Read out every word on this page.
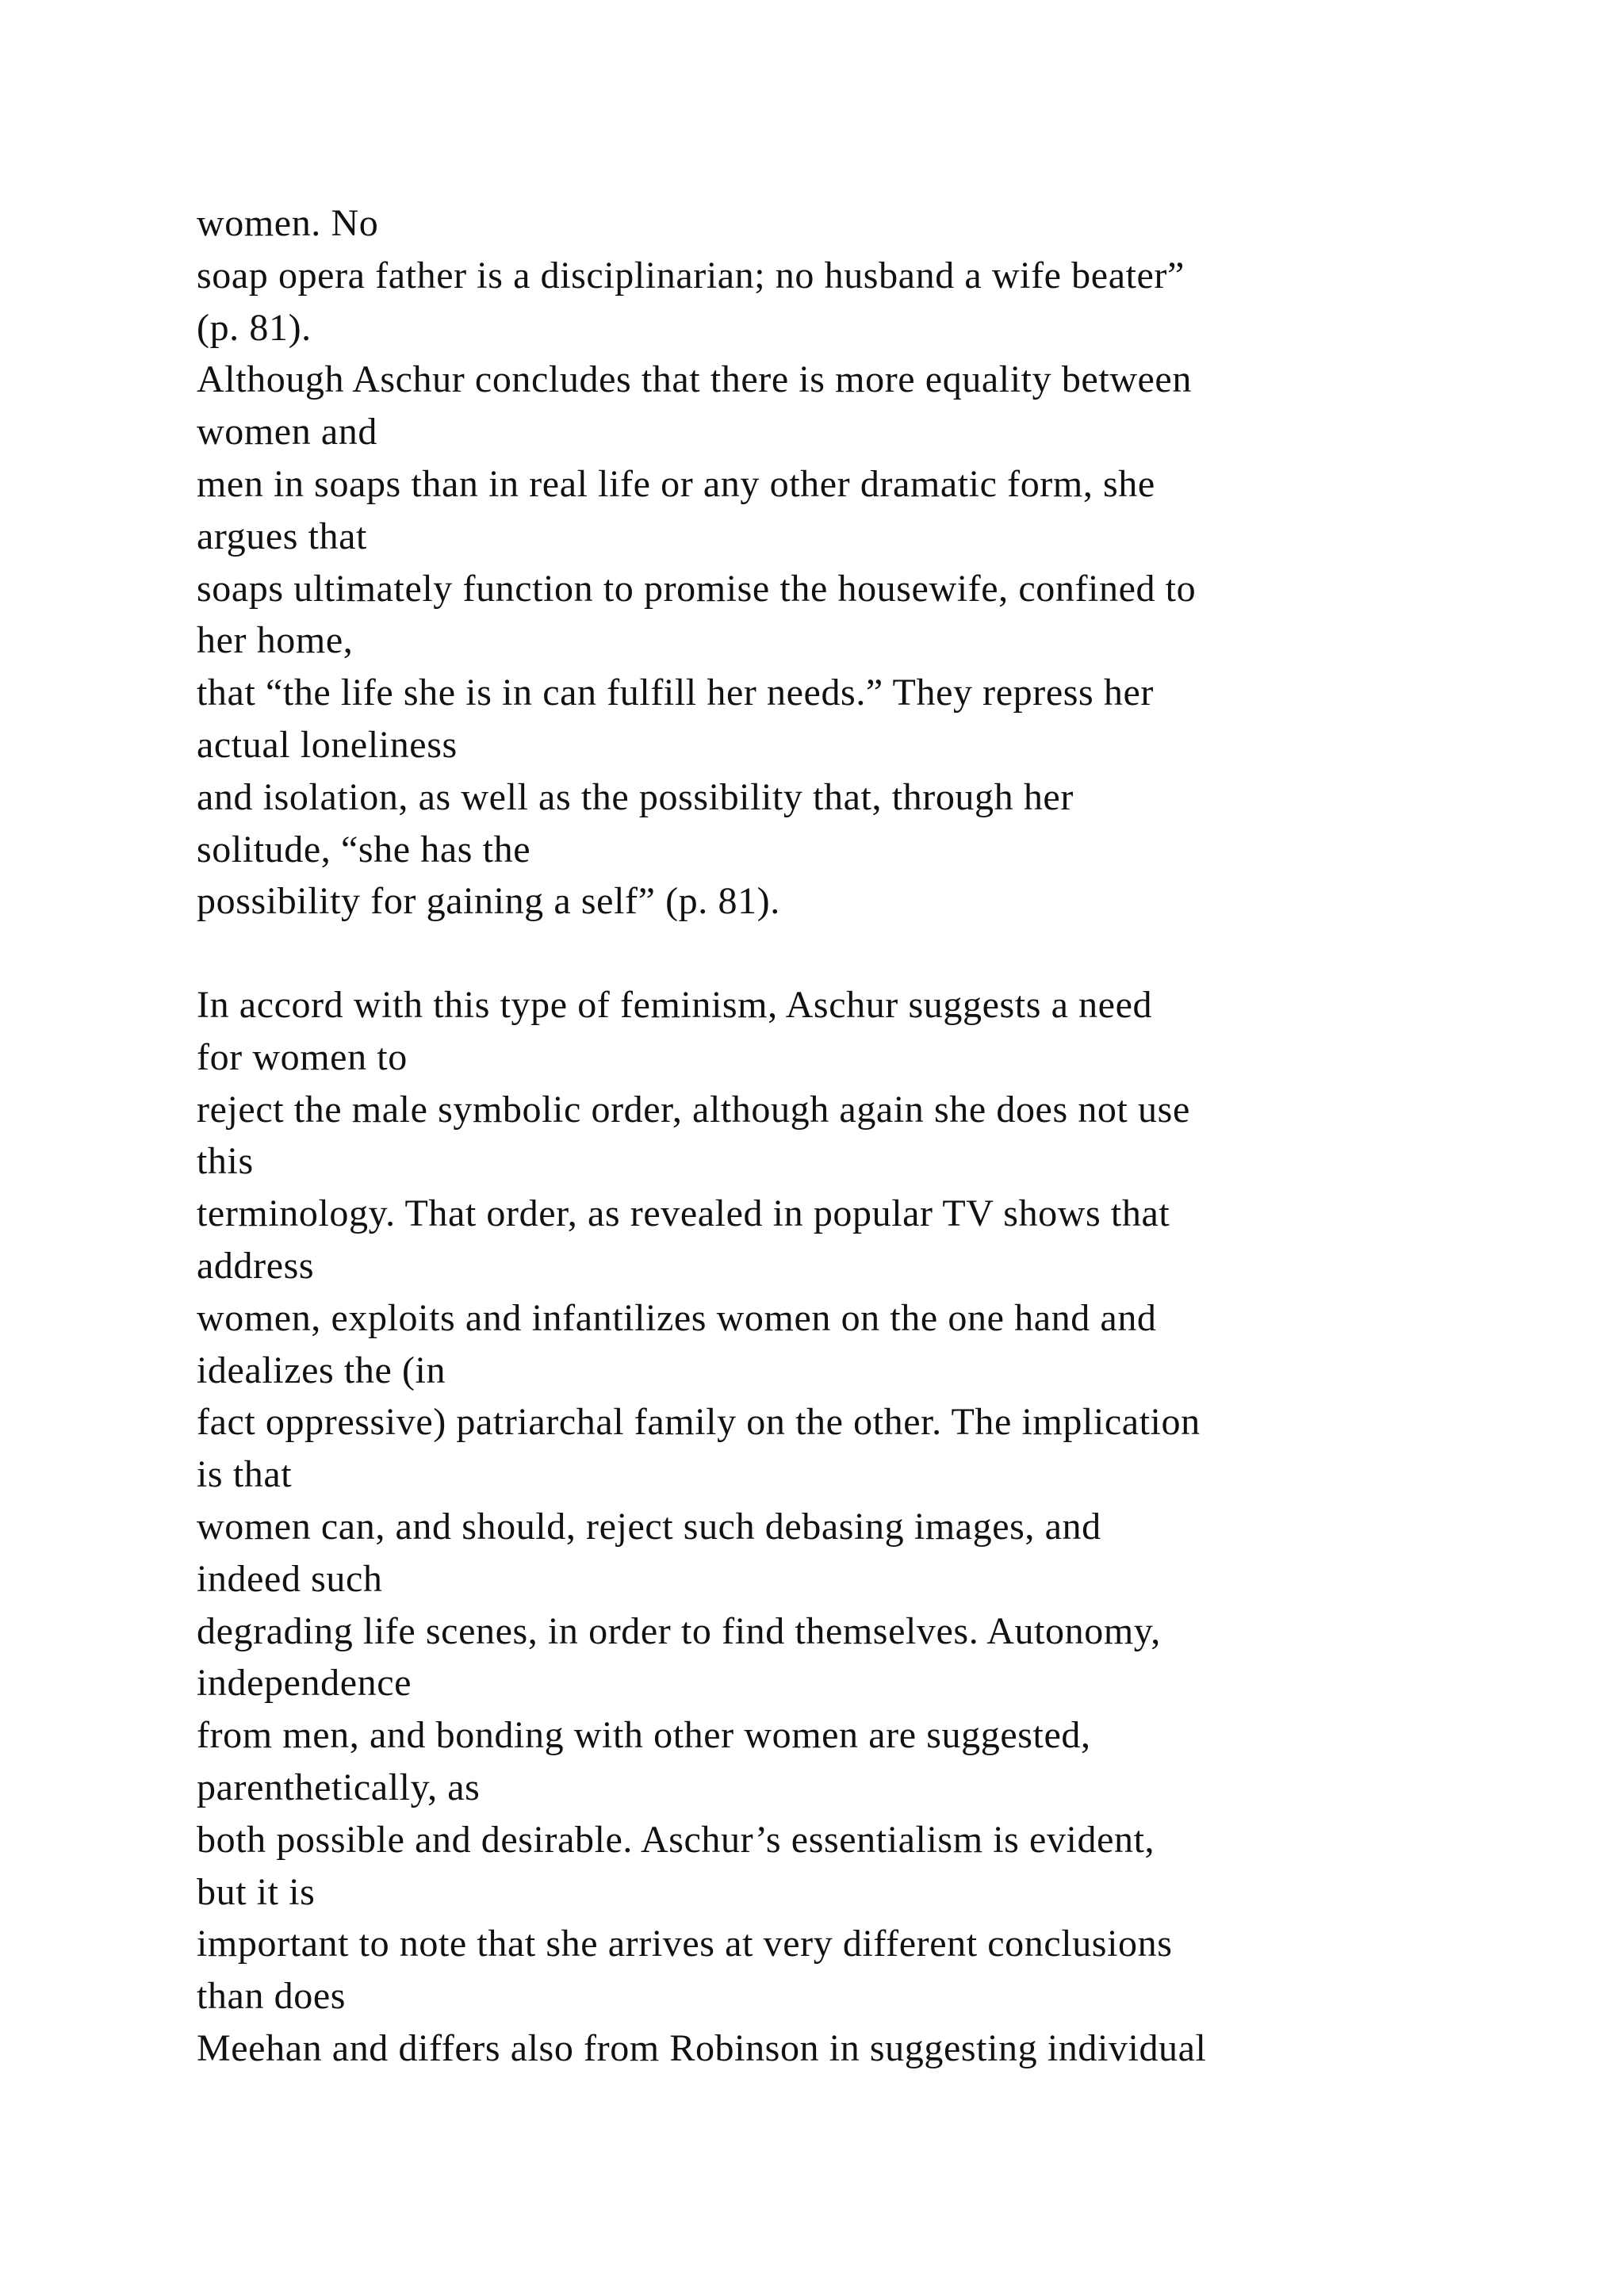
women. No
soap opera father is a disciplinarian; no husband a wife beater”
(p. 81).
Although Aschur concludes that there is more equality between
women and
men in soaps than in real life or any other dramatic form, she
argues that
soaps ultimately function to promise the housewife, confined to
her home,
that “the life she is in can fulfill her needs.” They repress her
actual loneliness
and isolation, as well as the possibility that, through her
solitude, “she has the
possibility for gaining a self” (p. 81).
In accord with this type of feminism, Aschur suggests a need
for women to
reject the male symbolic order, although again she does not use
this
terminology. That order, as revealed in popular TV shows that
address
women, exploits and infantilizes women on the one hand and
idealizes the (in
fact oppressive) patriarchal family on the other. The implication
is that
women can, and should, reject such debasing images, and
indeed such
degrading life scenes, in order to find themselves. Autonomy,
independence
from men, and bonding with other women are suggested,
parenthetically, as
both possible and desirable. Aschur’s essentialism is evident,
but it is
important to note that she arrives at very different conclusions
than does
Meehan and differs also from Robinson in suggesting individual
